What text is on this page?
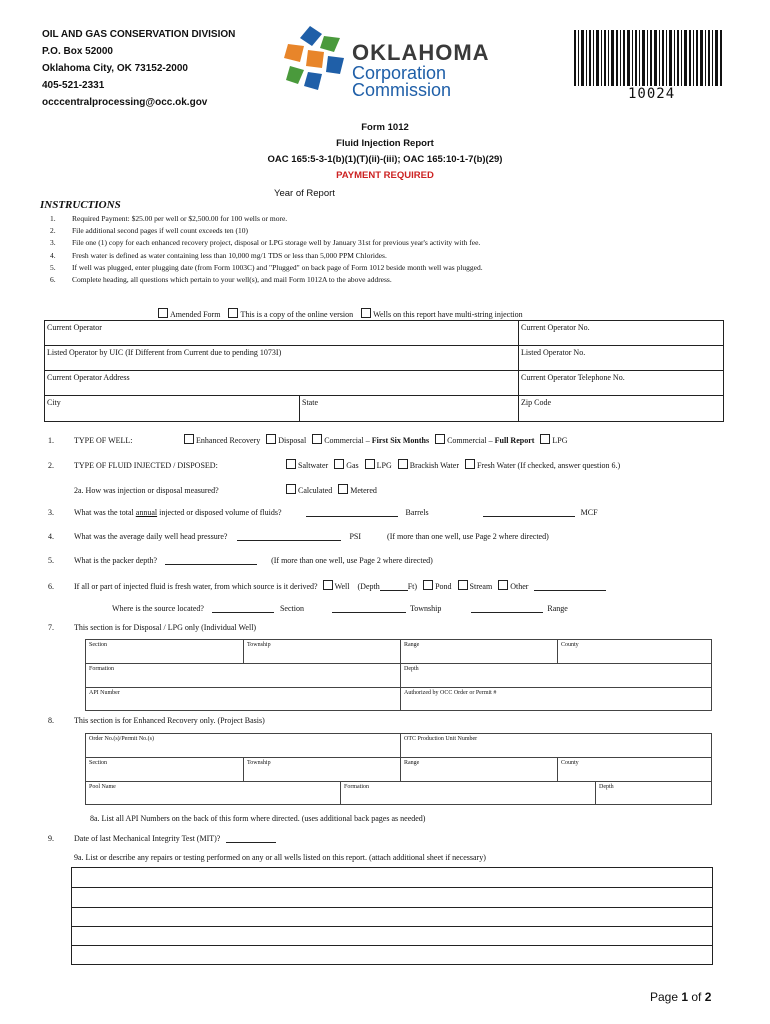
OIL AND GAS CONSERVATION DIVISION
P.O. Box 52000
Oklahoma City, OK 73152-2000
405-521-2331
occcentralprocessing@occ.ok.gov
OKLAHOMA
Corporation
Commission	10024
Form 1012
Fluid Injection Report
OAC 165:5-3-1(b)(1)(T)(ii)-(iii); OAC 165:10-1-7(b)(29)
PAYMENT REQUIRED
Year of Report
INSTRUCTIONS
1. Required Payment: $25.00 per well or $2,500.00 for 100 wells or more.
2. File additional second pages if well count exceeds ten (10)
3. File one (1) copy for each enhanced recovery project, disposal or LPG storage well by January 31st for previous year's activity with fee.
4. Fresh water is defined as water containing less than 10,000 mg/1 TDS or less than 5,000 PPM Chlorides.
5. If well was plugged, enter plugging date (from Form 1003C) and "Plugged" on back page of Form 1012 beside month well was plugged.
6. Complete heading, all questions which pertain to your well(s), and mail Form 1012A to the above address.
Amended Form	This is a copy of the online version	Wells on this report have multi-string injection
Current Operator	Current Operator No.
Listed Operator by UIC (If Different from Current due to pending 1073I)	Listed Operator No.
Current Operator Address	Current Operator Telephone No.
City	State	Zip Code
1.	TYPE OF WELL:	Enhanced Recovery Disposal Commercial – First Six Months Commercial – Full Report LPG
2.	TYPE OF FLUID INJECTED / DISPOSED:	Saltwater Gas LPG Brackish Water Fresh Water (If checked, answer question 6.)
2a. How was injection or disposal measured?	Calculated Metered
3.	What was the total annual injected or disposed volume of fluids?	Barrels	MCF
4.	What was the average daily well head pressure?	PSI	(If more than one well, use Page 2 where directed)
5.	What is the packer depth?	(If more than one well, use Page 2 where directed)
6.	If all or part of injected fluid is fresh water, from which source is it derived? Well (Depth	Ft) Pond Stream Other
Where is the source located?	Section	Township	Range
7.	This section is for Disposal / LPG only (Individual Well)
Section	Township	Range	County
Formation	Depth
API Number	Authorized by OCC Order or Permit #
8.	This section is for Enhanced Recovery only. (Project Basis)
Order No.(s)/Permit No.(s)	OTC Production Unit Number
Section	Township	Range	County
Pool Name	Formation	Depth
8a. List all API Numbers on the back of this form where directed. (uses additional back pages as needed)
9.	Date of last Mechanical Integrity Test (MIT)?
9a. List or describe any repairs or testing performed on any or all wells listed on this report. (attach additional sheet if necessary)
Page 1 of 2
